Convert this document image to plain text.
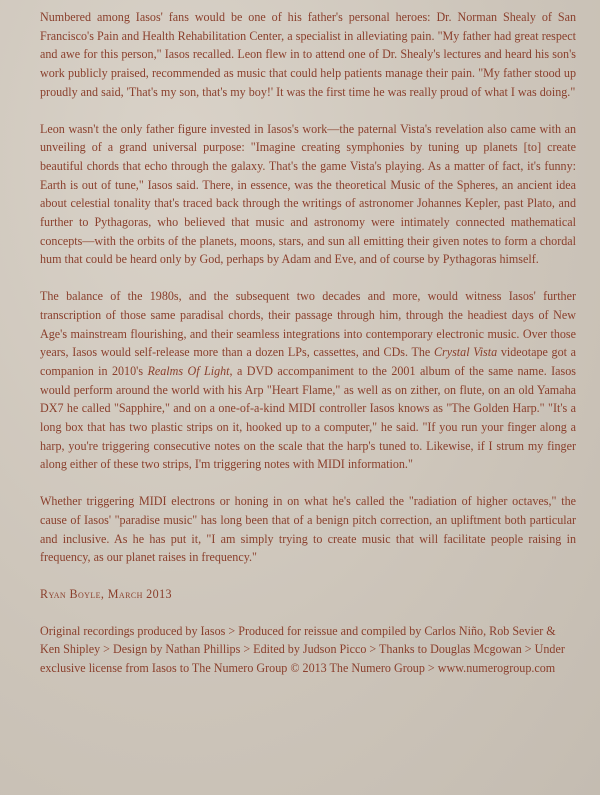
Numbered among Iasos' fans would be one of his father's personal heroes: Dr. Norman Shealy of San Francisco's Pain and Health Rehabilitation Center, a specialist in alleviating pain. "My father had great respect and awe for this person," Iasos recalled. Leon flew in to attend one of Dr. Shealy's lectures and heard his son's work publicly praised, recommended as music that could help patients manage their pain. "My father stood up proudly and said, 'That's my son, that's my boy!' It was the first time he was really proud of what I was doing."

Leon wasn't the only father figure invested in Iasos's work—the paternal Vista's revelation also came with an unveiling of a grand universal purpose: "Imagine creating symphonies by tuning up planets [to] create beautiful chords that echo through the galaxy. That's the game Vista's playing. As a matter of fact, it's funny: Earth is out of tune," Iasos said. There, in essence, was the theoretical Music of the Spheres, an ancient idea about celestial tonality that's traced back through the writings of astronomer Johannes Kepler, past Plato, and further to Pythagoras, who believed that music and astronomy were intimately connected mathematical concepts—with the orbits of the planets, moons, stars, and sun all emitting their given notes to form a chordal hum that could be heard only by God, perhaps by Adam and Eve, and of course by Pythagoras himself.

The balance of the 1980s, and the subsequent two decades and more, would witness Iasos' further transcription of those same paradisal chords, their passage through him, through the headiest days of New Age's mainstream flourishing, and their seamless integrations into contemporary electronic music. Over those years, Iasos would self-release more than a dozen LPs, cassettes, and CDs. The Crystal Vista videotape got a companion in 2010's Realms Of Light, a DVD accompaniment to the 2001 album of the same name. Iasos would perform around the world with his Arp "Heart Flame," as well as on zither, on flute, on an old Yamaha DX7 he called "Sapphire," and on a one-of-a-kind MIDI controller Iasos knows as "The Golden Harp." "It's a long box that has two plastic strips on it, hooked up to a computer," he said. "If you run your finger along a harp, you're triggering consecutive notes on the scale that the harp's tuned to. Likewise, if I strum my finger along either of these two strips, I'm triggering notes with MIDI information."

Whether triggering MIDI electrons or honing in on what he's called the "radiation of higher octaves," the cause of Iasos' "paradise music" has long been that of a benign pitch correction, an upliftment both particular and inclusive. As he has put it, "I am simply trying to create music that will facilitate people raising in frequency, as our planet raises in frequency."

Ryan Boyle, March 2013

Original recordings produced by Iasos > Produced for reissue and compiled by Carlos Niño, Rob Sevier & Ken Shipley > Design by Nathan Phillips > Edited by Judson Picco > Thanks to Douglas Mcgowan > Under exclusive license from Iasos to The Numero Group © 2013 The Numero Group > www.numerogroup.com
